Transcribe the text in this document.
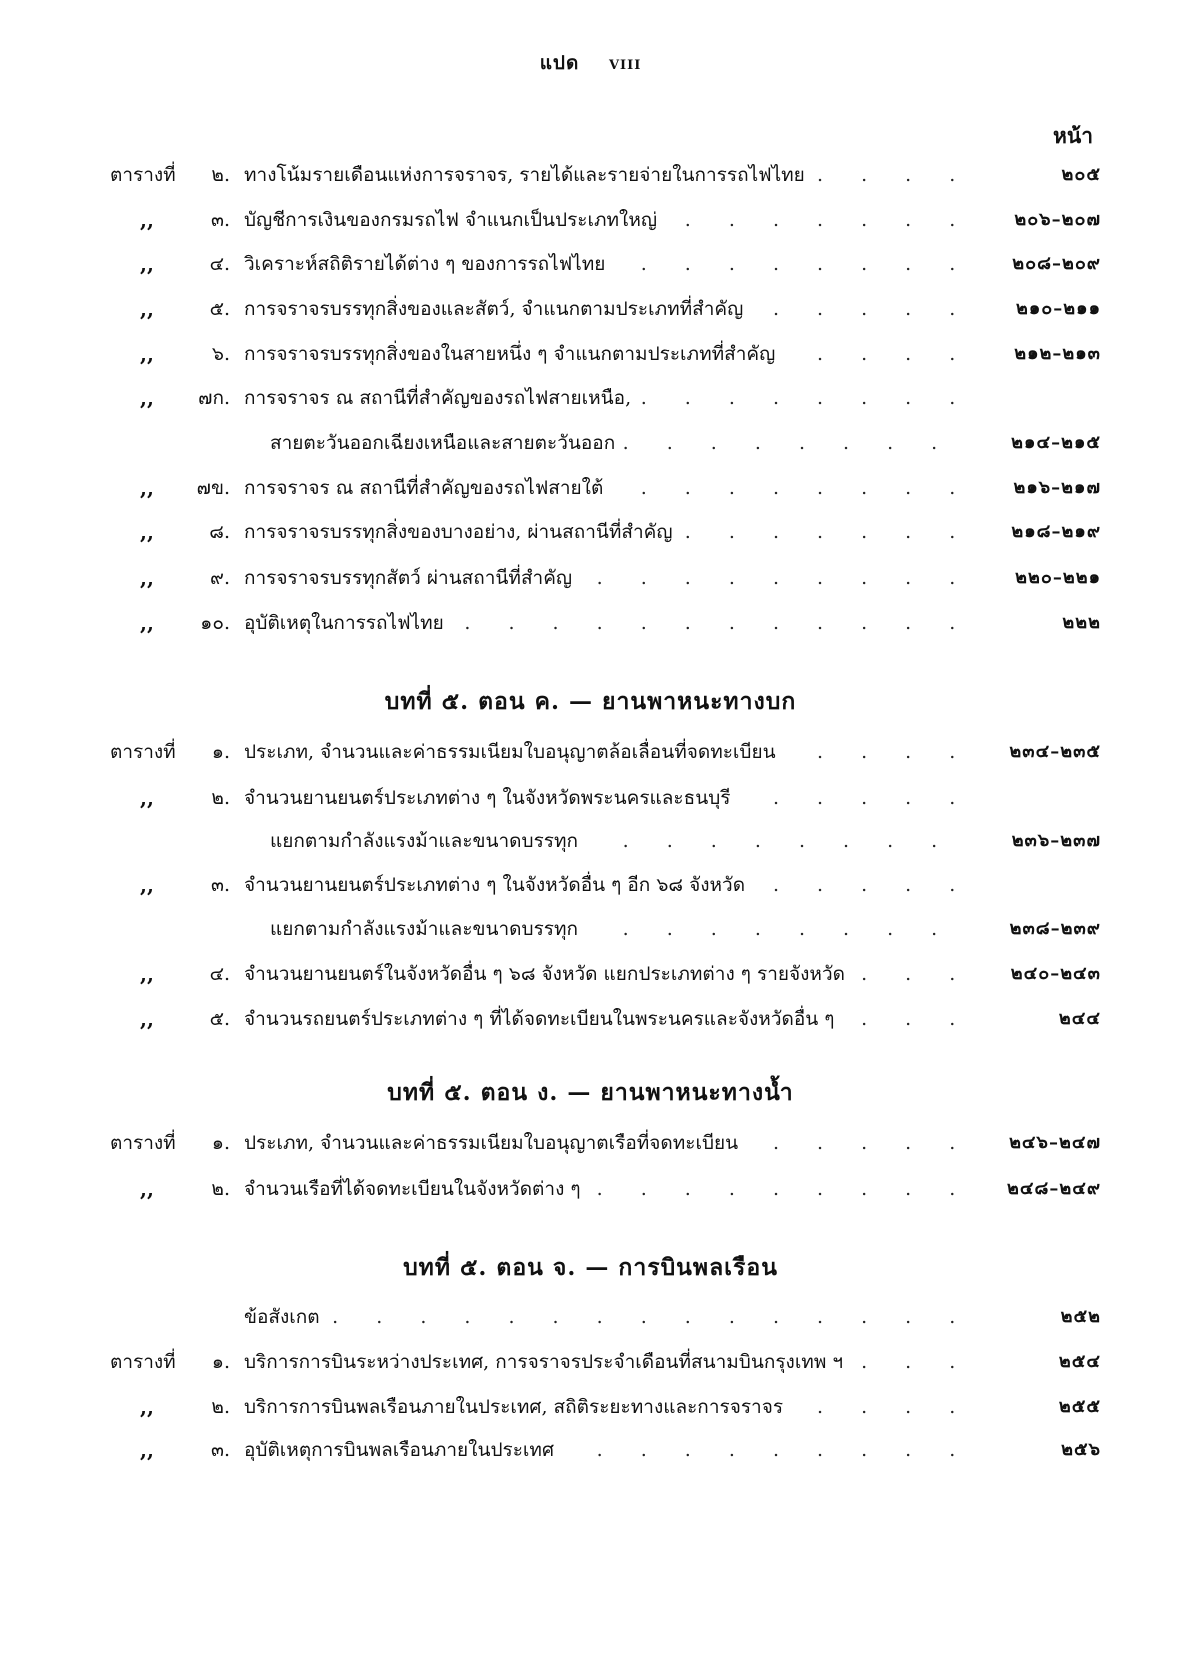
แปด VIII
หน้า
ตารางที่	๒. ทางโน้มรายเดือนแห่งการจราจร, รายได้และรายจ่ายในการรถไฟไทย . . .	๒๐๕
,,	๓. บัญชีการเงินของกรมรถไฟ จำแนกเป็นประเภทใหญ่ . . .	๒๐๖–๒๐๗
,,	๔. วิเคราะห์สถิติรายได้ต่าง ๆ ของการรถไฟไทย . . .	๒๐๘–๒๐๙
,,	๕. การจราจรบรรทุกสิ่งของและสัตว์, จำแนกตามประเภทที่สำคัญ . . .	๒๑๐–๒๑๑
,,	๖. การจราจรบรรทุกสิ่งของในสายหนึ่ง ๆ จำแนกตามประเภทที่สำคัญ . . .	๒๑๒–๒๑๓
,,	๗ก. การจราจร ณ สถานีที่สำคัญของรถไฟสายเหนือ, . . .
สายตะวันออกเฉียงเหนือและสายตะวันออก . . .	๒๑๔–๒๑๕
,,	๗ข. การจราจร ณ สถานีที่สำคัญของรถไฟสายใต้ . . .	๒๑๖–๒๑๗
,,	๘. การจราจรบรรทุกสิ่งของบางอย่าง, ผ่านสถานีที่สำคัญ . . .	๒๑๘–๒๑๙
,,	๙. การจราจรบรรทุกสัตว์ ผ่านสถานีที่สำคัญ . . .	๒๒๐–๒๒๑
,,	๑๐. อุบัติเหตุในการรถไฟไทย . . .	๒๒๒
บทที่ ๕. ตอน ค. — ยานพาหนะทางบก
ตารางที่	๑. ประเภท, จำนวนและค่าธรรมเนียมใบอนุญาตล้อเลื่อนที่จดทะเบียน . . .	๒๓๔–๒๓๕
,,	๒. จำนวนยานยนตร์ประเภทต่าง ๆ ในจังหวัดพระนครและธนบุรี . . .
แยกตามกำลังแรงม้าและขนาดบรรทุก . . .	๒๓๖–๒๓๗
,,	๓. จำนวนยานยนตร์ประเภทต่าง ๆ ในจังหวัดอื่น ๆ อีก ๖๘ จังหวัด . . .
แยกตามกำลังแรงม้าและขนาดบรรทุก . . .	๒๓๘–๒๓๙
,,	๔. จำนวนยานยนตร์ในจังหวัดอื่น ๆ ๖๘ จังหวัด แยกประเภทต่าง ๆ รายจังหวัด . . .	๒๔๐–๒๔๓
,,	๕. จำนวนรถยนตร์ประเภทต่าง ๆ ที่ได้จดทะเบียนในพระนครและจังหวัดอื่น ๆ . . .	๒๔๔
บทที่ ๕. ตอน ง. — ยานพาหนะทางน้ำ
ตารางที่	๑. ประเภท, จำนวนและค่าธรรมเนียมใบอนุญาตเรือที่จดทะเบียน . . .	๒๔๖–๒๔๗
,,	๒. จำนวนเรือที่ได้จดทะเบียนในจังหวัดต่าง ๆ . . .	๒๔๘–๒๔๙
บทที่ ๕. ตอน จ. — การบินพลเรือน
ข้อสังเกต . . .	๒๕๒
ตารางที่	๑. บริการการบินระหว่างประเทศ, การจราจรประจำเดือนที่สนามบินกรุงเทพ ฯ . . .	๒๕๔
,,	๒. บริการการบินพลเรือนภายในประเทศ, สถิติระยะทางและการจราจร . . .	๒๕๕
,,	๓. อุบัติเหตุการบินพลเรือนภายในประเทศ . . .	๒๕๖
